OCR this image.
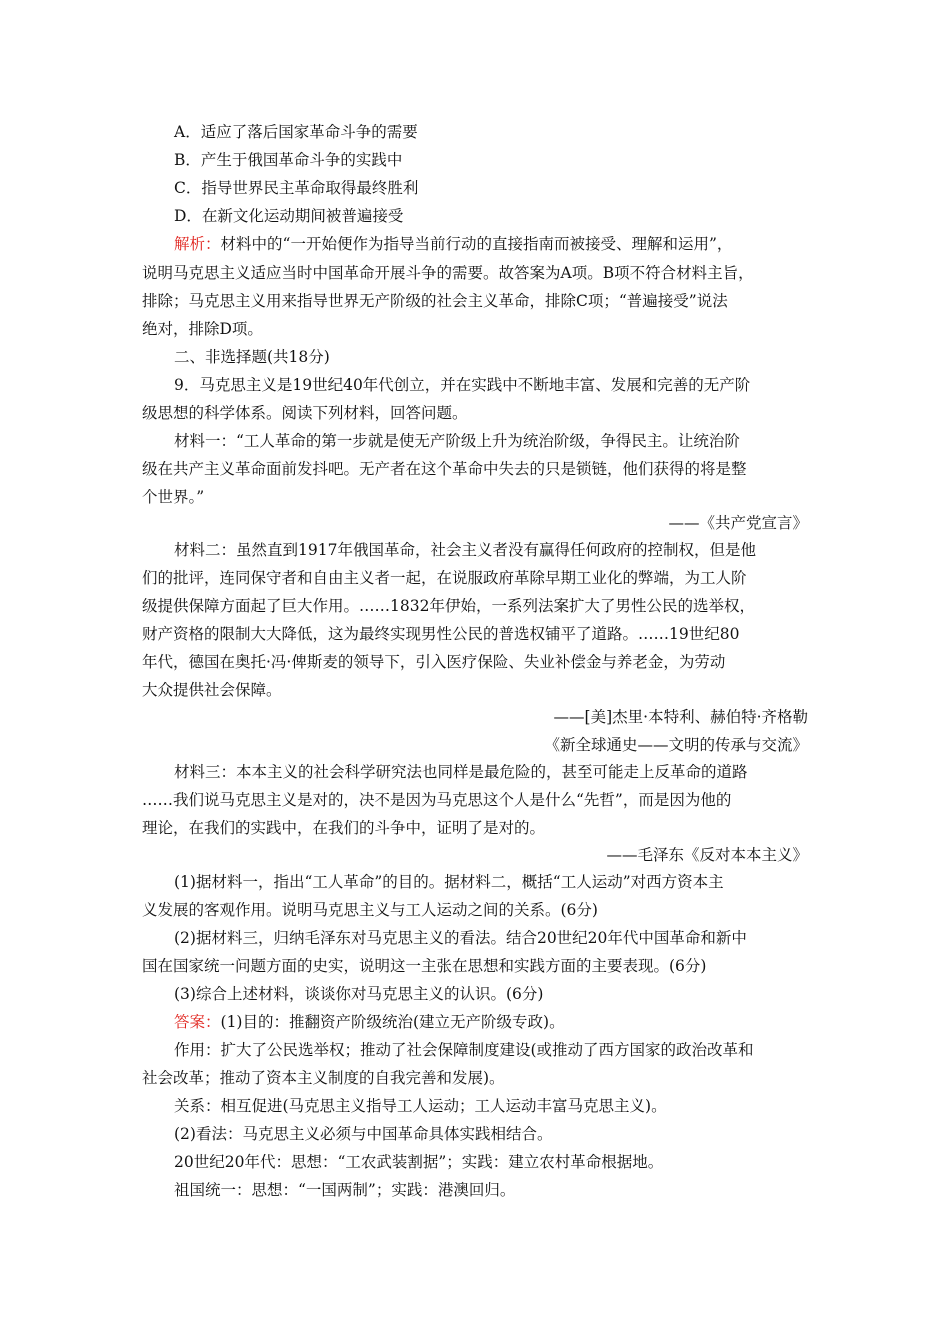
A．适应了落后国家革命斗争的需要
B．产生于俄国革命斗争的实践中
C．指导世界民主革命取得最终胜利
D．在新文化运动期间被普遍接受
解析：材料中的“一开始便作为指导当前行动的直接指南而被接受、理解和运用”，
说明马克思主义适应当时中国革命开展斗争的需要。故答案为A项。B项不符合材料主旨，
排除；马克思主义用来指导世界无产阶级的社会主义革命，排除C项；“普遍接受”说法
绝对，排除D项。
二、非选择题(共18分)
9．马克思主义是19世纪40年代创立，并在实践中不断地丰富、发展和完善的无产阶
级思想的科学体系。阅读下列材料，回答问题。
材料一：“工人革命的第一步就是使无产阶级上升为统治阶级，争得民主。让统治阶
级在共产主义革命面前发抖吧。无产者在这个革命中失去的只是锁链，他们获得的将是整
个世界。”
——《共产党宣言》
材料二：虽然直到1917年俄国革命，社会主义者没有赢得任何政府的控制权，但是他
们的批评，连同保守者和自由主义者一起，在说服政府革除早期工业化的弊端，为工人阶
级提供保障方面起了巨大作用。……1832年伊始，一系列法案扩大了男性公民的选举权，
财产资格的限制大大降低，这为最终实现男性公民的普选权铺平了道路。……19世纪80
年代，德国在奥托·冯·俾斯麦的领导下，引入医疗保险、失业补偿金与养老金，为劳动
大众提供社会保障。
——[美]杰里·本特利、赫伯特·齐格勒
《新全球通史——文明的传承与交流》
材料三：本本主义的社会科学研究法也同样是最危险的，甚至可能走上反革命的道路
……我们说马克思主义是对的，决不是因为马克思这个人是什么“先哲”，而是因为他的
理论，在我们的实践中，在我们的斗争中，证明了是对的。
——毛泽东《反对本本主义》
(1)据材料一，指出“工人革命”的目的。据材料二，概括“工人运动”对西方资本主
义发展的客观作用。说明马克思主义与工人运动之间的关系。(6分)
(2)据材料三，归纳毛泽东对马克思主义的看法。结合20世纪20年代中国革命和新中
国在国家统一问题方面的史实，说明这一主张在思想和实践方面的主要表现。(6分)
(3)综合上述材料，谈谈你对马克思主义的认识。(6分)
答案：(1)目的：推翻资产阶级统治(建立无产阶级专政)。
作用：扩大了公民选举权；推动了社会保障制度建设(或推动了西方国家的政治改革和
社会改革；推动了资本主义制度的自我完善和发展)。
关系：相互促进(马克思主义指导工人运动；工人运动丰富马克思主义)。
(2)看法：马克思主义必须与中国革命具体实践相结合。
20世纪20年代：思想：“工农武装割据”；实践：建立农村革命根据地。
祖国统一：思想：“一国两制”；实践：港澳回归。
